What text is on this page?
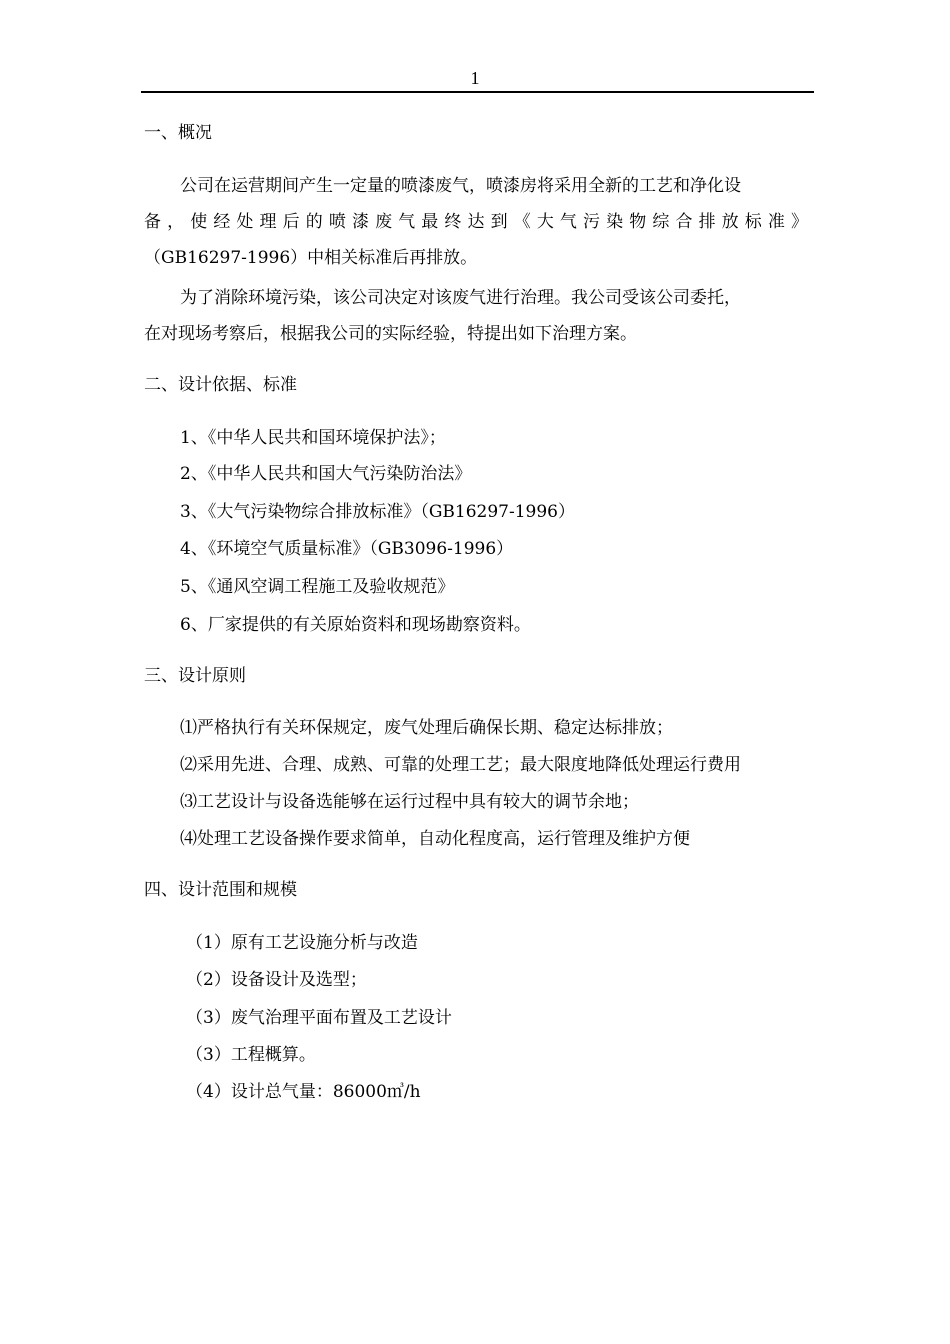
1
一、概况
公司在运营期间产生一定量的喷漆废气，喷漆房将采用全新的工艺和净化设
备，使经处理后的喷漆废气最终达到《大气污染物综合排放标准》
（GB16297-1996）中相关标准后再排放。
为了消除环境污染，该公司决定对该废气进行治理。我公司受该公司委托，
在对现场考察后，根据我公司的实际经验，特提出如下治理方案。
二、设计依据、标准
1、《中华人民共和国环境保护法》；
2、《中华人民共和国大气污染防治法》
3、《大气污染物综合排放标准》（GB16297-1996）
4、《环境空气质量标准》（GB3096-1996）
5、《通风空调工程施工及验收规范》
6、厂家提供的有关原始资料和现场勘察资料。
三、设计原则
⑴严格执行有关环保规定，废气处理后确保长期、稳定达标排放；
⑵采用先进、合理、成熟、可靠的处理工艺；最大限度地降低处理运行费用
⑶工艺设计与设备选能够在运行过程中具有较大的调节余地；
⑷处理工艺设备操作要求简单，自动化程度高，运行管理及维护方便
四、设计范围和规模
（1）原有工艺设施分析与改造
（2）设备设计及选型；
（3）废气治理平面布置及工艺设计
（3）工程概算。
（4）设计总气量：86000㎥/h
